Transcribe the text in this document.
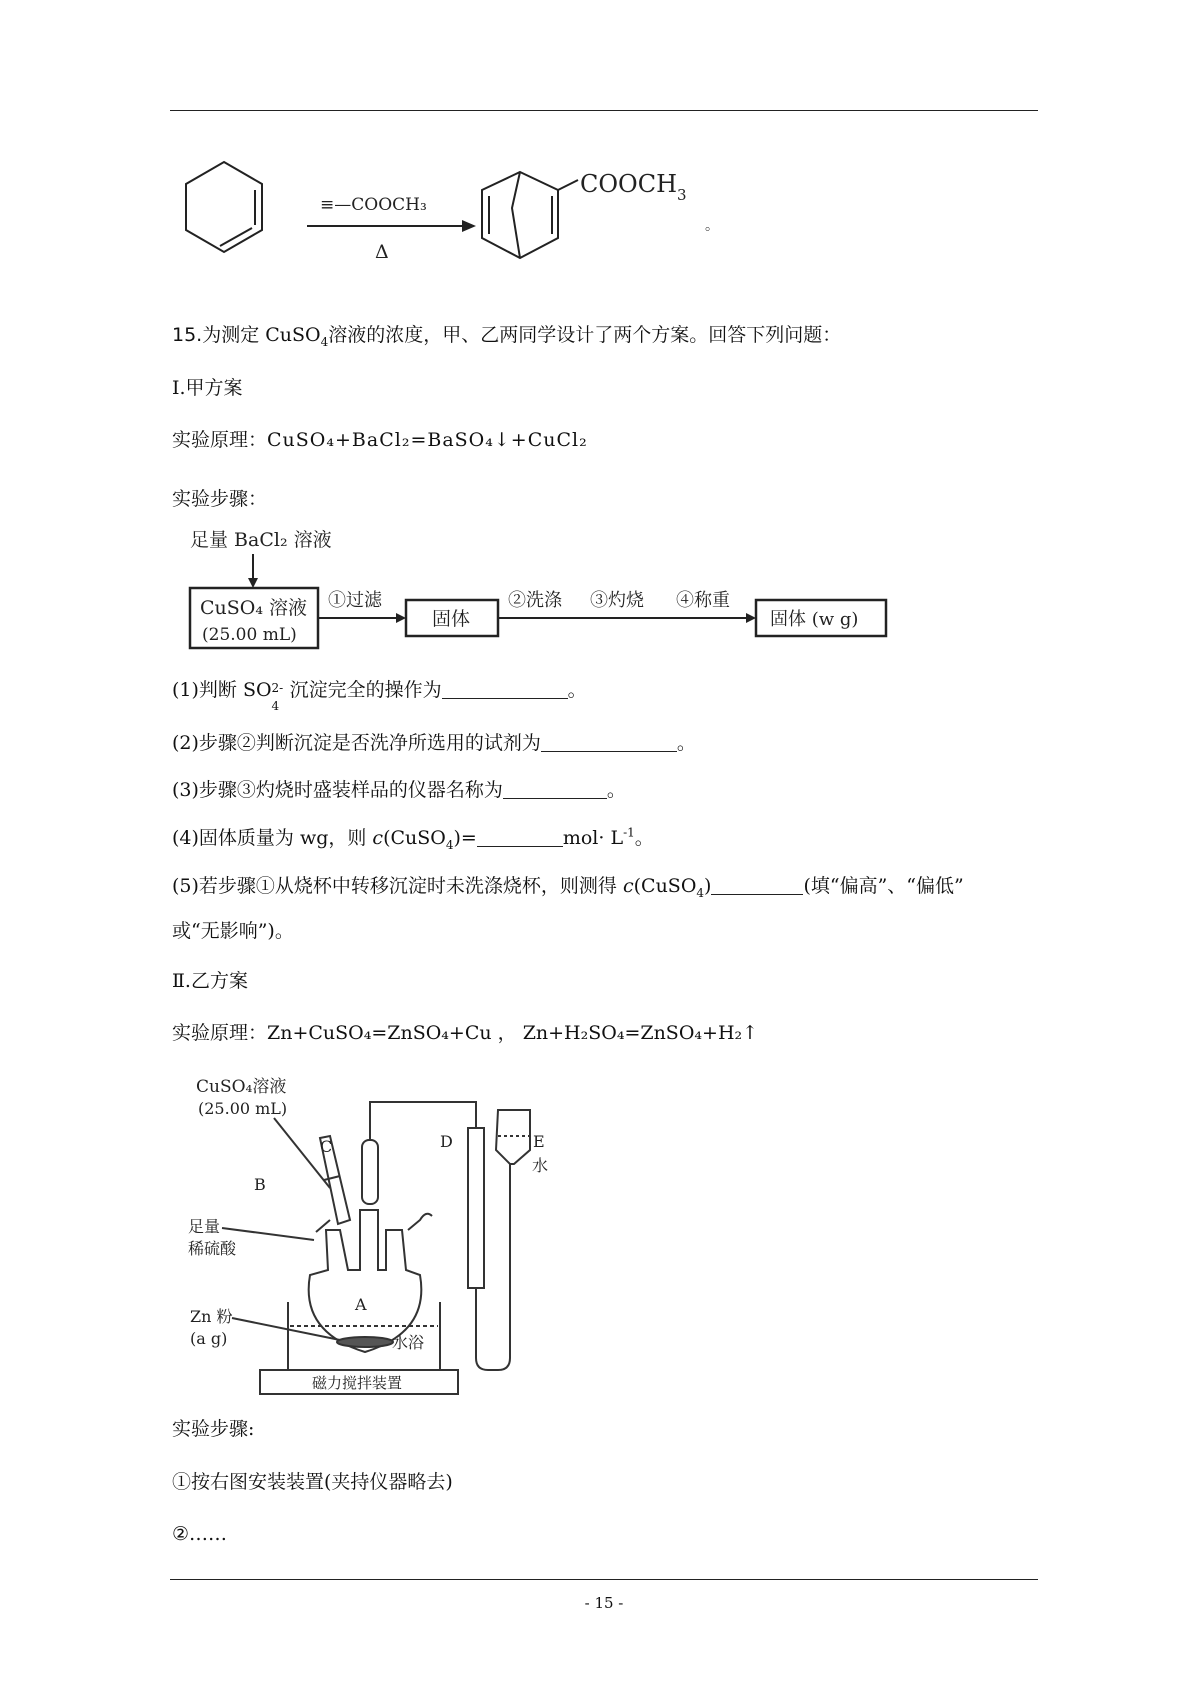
≡—COOCH₃
Δ
$COOCH_3$
。
15.为测定 CuSO$_4$溶液的浓度，甲、乙两同学设计了两个方案。回答下列问题：
Ⅰ.甲方案
实验原理：CuSO₄+BaCl₂=BaSO₄↓+CuCl₂
实验步骤：
足量 BaCl₂ 溶液
CuSO₄ 溶液
(25.00 mL)
①过滤
固体
②洗涤 ③灼烧 ④称重
固体 (w g)
(1)判断 SO 2-
4
沉淀完全的操作为	。
(2)步骤②判断沉淀是否洗净所选用的试剂为	。
(3)步骤③灼烧时盛装样品的仪器名称为	。
(4)固体质量为 wg，则 c(CuSO$_4$)=	$mol\cdot L^{-1}$。
(5)若步骤①从烧杯中转移沉淀时未洗涤烧杯，则测得 c(CuSO$_4$)	(填“偏高”、“偏低”
或“无影响”)。
Ⅱ.乙方案
实验原理：Zn+CuSO₄=ZnSO₄+Cu ， Zn+H₂SO₄=ZnSO₄+H₂↑
CuSO₄溶液
(25.00 mL)
B
C	D	E
水
A
足量
稀硫酸
Zn 粉
(a g)	水浴
磁力搅拌装置
实验步骤:
①按右图安装装置(夹持仪器略去)
②……
- 15 -
